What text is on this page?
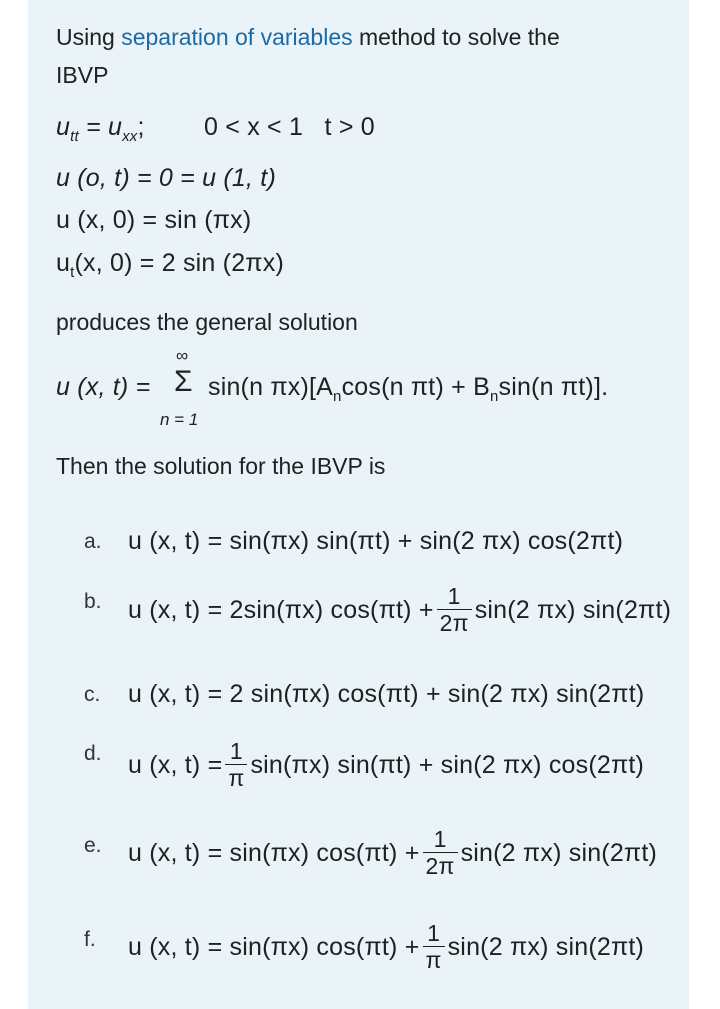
Using separation of variables method to solve the
IBVP
$u_{tt} = u_{xx}$; 0 < x < 1   t > 0
u (o, t) = 0 = u (1, t)
u (x, 0) = sin (πx)
$u_t(x$, 0) = 2 sin (2πx)
produces the general solution
u (x, t) =
∞
Σ
n = 1
sin(n $\pi x)[A_n\cos(n$ $\pi t) + B_n\sin(n$ πt)].
Then the solution for the IBVP is
a. u (x, t) = sin(πx) sin(πt) + sin(2 πx) cos(2πt)
b. u (x, t) = 2sin(πx) $\cos(\pi t) + \frac{1}{2\pi} \sin(2$ πx) sin(2πt)
c. u (x, t) = 2 sin(πx) cos(πt) + sin(2 πx) sin(2πt)
d. u (x, $t) = \frac{1}{\pi} \sin(\pi x) \sin(\pi t) + \sin(2$ πx) cos(2πt)
e. u (x, t) = sin(πx) $\cos(\pi t) + \frac{1}{2\pi} \sin(2$ πx) sin(2πt)
f. u (x, t) = sin(πx) $\cos(\pi t) + \frac{1}{\pi} \sin(2$ πx) sin(2πt)
